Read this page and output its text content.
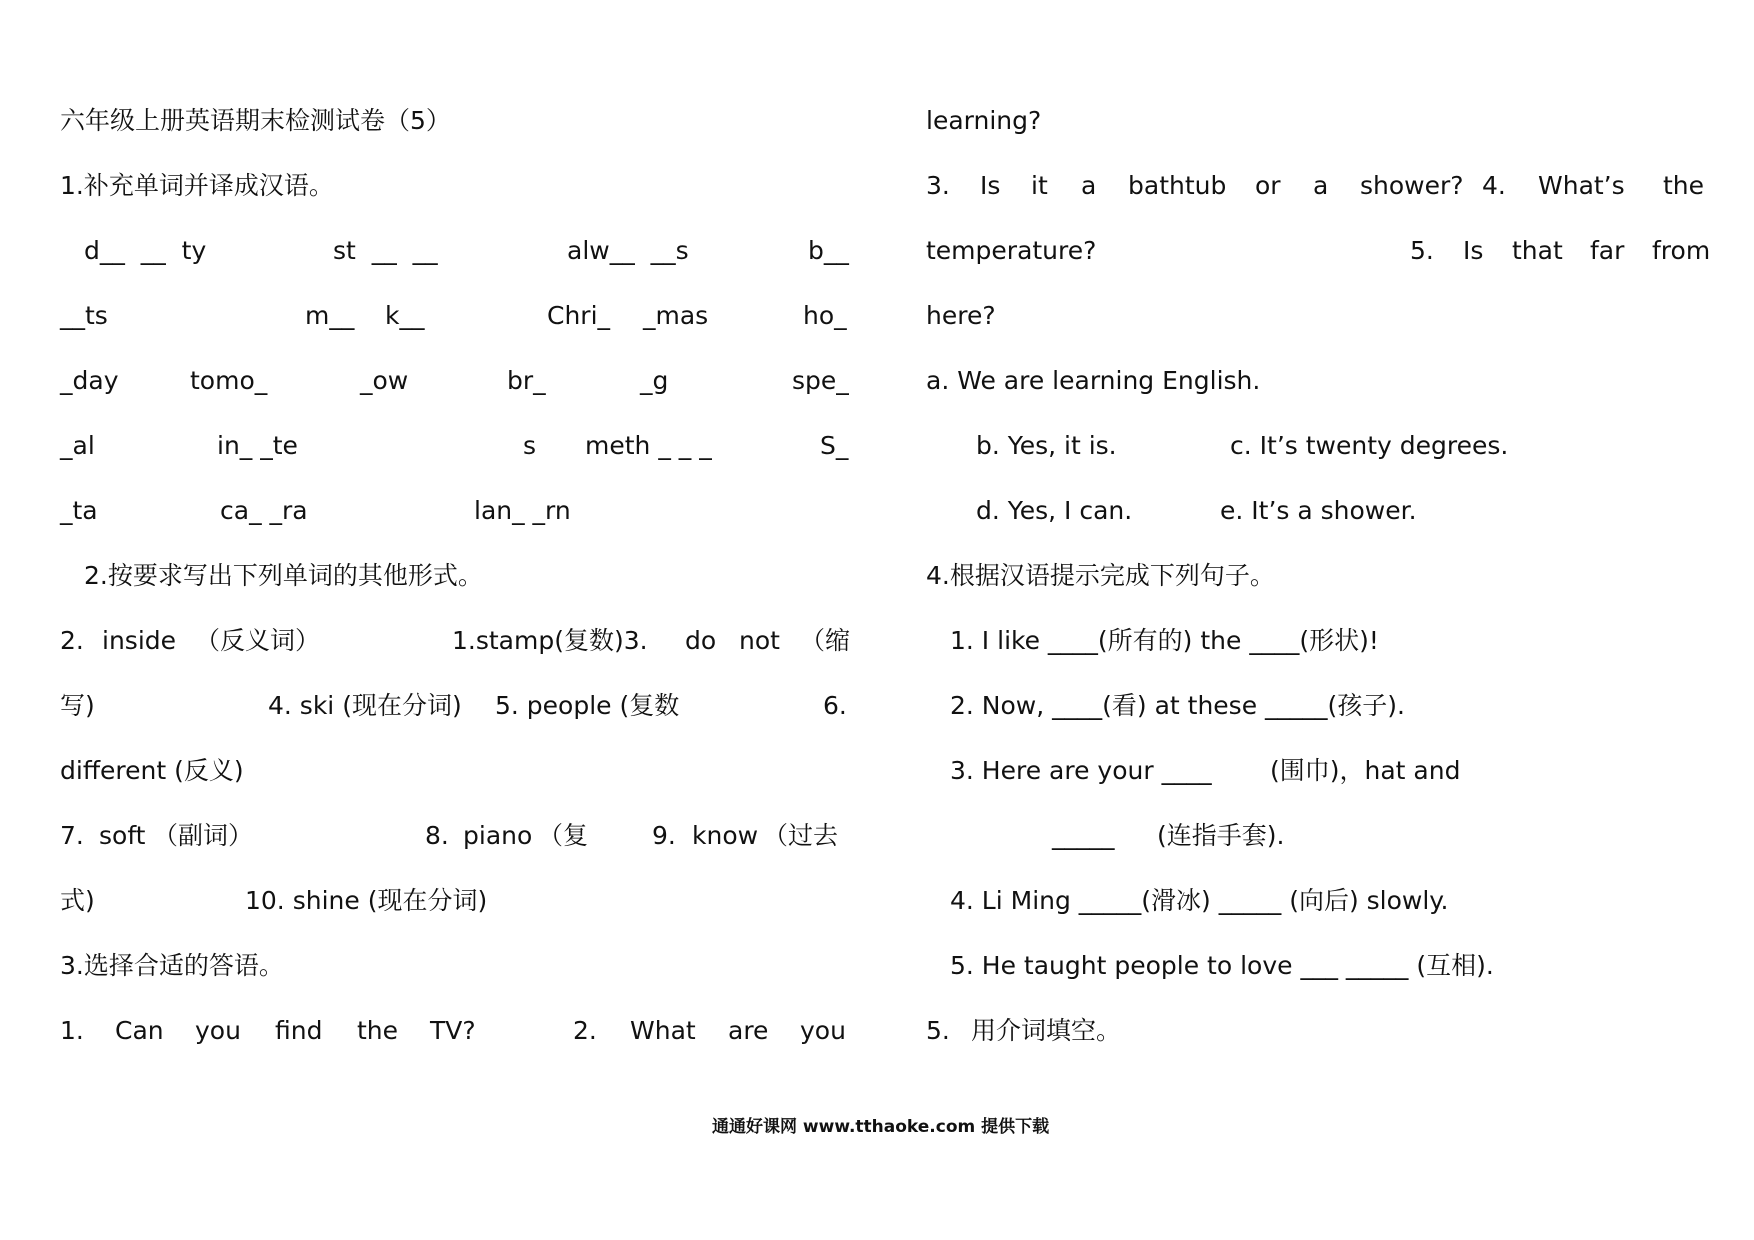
六年级上册英语期末检测试卷（5）
1.补充单词并译成汉语。
d__  __  ty	st  __  __	alw__  __s	b__
__ts	m__ k__	Chri_ _mas	ho_
_day	tomo_	_ow	br_	_g	spe_
_al	in_ _te	s meth _ _ _	S_
_ta	ca_ _ra	lan_ _rn
2.按要求写出下列单词的其他形式。
2. inside （反义词）	1.stamp(复数)3. do not （缩
写)	4. ski (现在分词) 5. people (复数	6.
different (反义)
7. soft （副词）	8. piano （复	9. know （过去
式)	10. shine (现在分词)
3.选择合适的答语。
1. Can you find the TV?	2. What are you
learning?
3. Is it a bathtub or a shower? 4. What’s the
temperature?	5. Is that far from
here?
a. We are learning English.
b. Yes, it is.	c. It’s twenty degrees.
d. Yes, I can.	e. It’s a shower.
4.根据汉语提示完成下列句子。
1. I like ____(所有的) the ____(形状)!
2. Now, ____(看) at these _____(孩子).
3. Here are your ____ (围巾)，hat and
_____ (连指手套).
4. Li Ming _____(滑冰) _____ (向后) slowly.
5. He taught people to love ___ _____ (互相).
5. 用介词填空。
通通好课网 www.tthaoke.com 提供下载
